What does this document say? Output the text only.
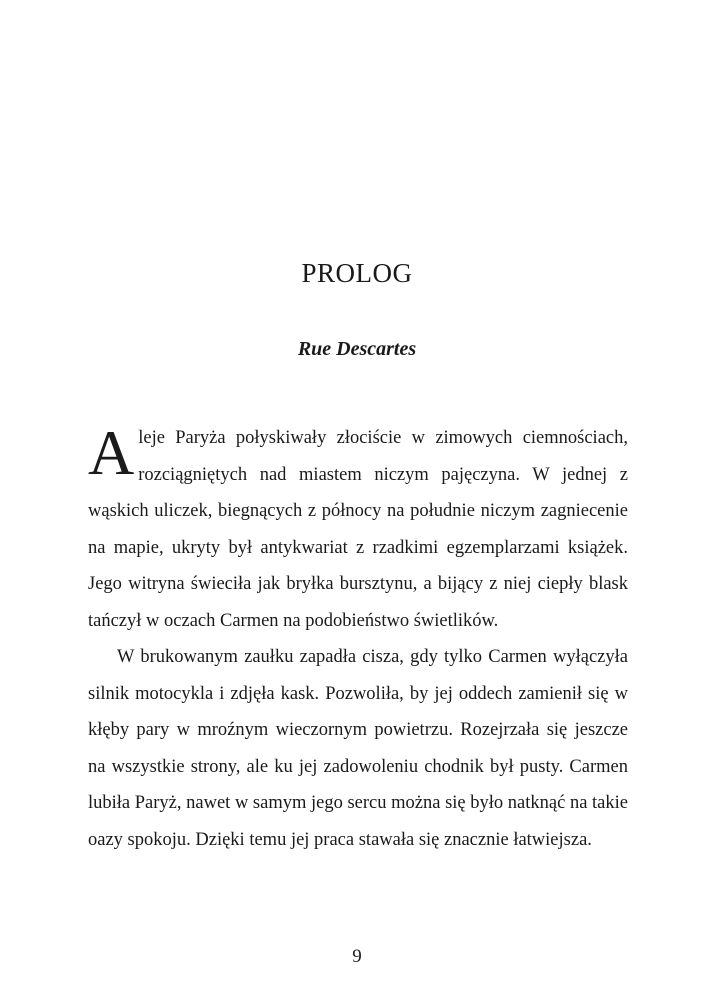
PROLOG
Rue Descartes

Aleje Paryża połyskiwały złociście w zimowych ciemnościach, rozciągniętych nad miastem niczym pajęczyna. W jednej z wąskich uliczek, biegnących z północy na południe niczym zagniecenie na mapie, ukryty był antykwariat z rzadkimi egzemplarzami książek. Jego witryna świeciła jak bryłka bursztynu, a bijący z niej ciepły blask tańczył w oczach Carmen na podobieństwo świetlików.

W brukowanym zaułku zapadła cisza, gdy tylko Carmen wyłączyła silnik motocykla i zdjęła kask. Pozwoliła, by jej oddech zamienił się w kłęby pary w mroźnym wieczornym powietrzu. Rozejrzała się jeszcze na wszystkie strony, ale ku jej zadowoleniu chodnik był pusty. Carmen lubiła Paryż, nawet w samym jego sercu można się było natknąć na takie oazy spokoju. Dzięki temu jej praca stawała się znacznie łatwiejsza.

9
